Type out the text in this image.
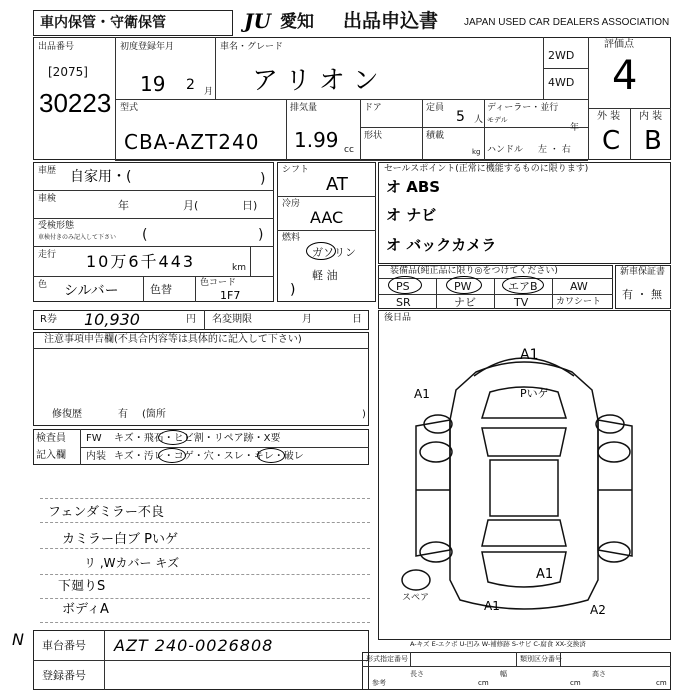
車内保管・守衛保管	JU 愛知 出品申込書	JAPAN USED CAR DEALERS ASSOCIATION
出品番号
[2075]
30223
初度登録年月
19 2 月
車名・グレード
アリオン
2WD
4WD
評価点
4
外 装 内 装
C B
型式
CBA-AZT240
排気量
1.99 cc
ドア	定員
5 人
ディーラー・並行
モデル
年
形状	積載
kg ハンドル 左 ・ 右
車歴 自家用・(	)
車検	年	月(	日)
受検形態
車検付きのみ記入して下さい (	)
走行 10万6千443	km
色 シルバー	色替	色コード
1F7
シフト
AT
冷房
AAC
燃料
ガソリン
軽 油
)
セールスポイント(正常に機能するものに限ります)
オ ABS
オ ナビ
オ バックカメラ
装備品(純正品に限り◎をつけてください)
PS	PW	エアB	AW
SR	ナビ	TV	カワシート
新車保証書
有 ・ 無
R券 10,930	円 名変期限	月	日 後日品
注意事項申告欄(不具合内容等は具体的に記入して下さい)
修復歴	有 (箇所	)
検査員
記入欄
FW キズ・飛石・ヒビ割・リペア跡・X要
内装 キズ・汚レ・コゲ・穴・スレ・キレ・破レ
フェンダミラー不良
カミラー白ブ Pいゲ
リ ,Wカバー キズ
下廻りS
ボディA
N 車台番号 AZT 240-0026808
登録番号
A1
A1	Pいゲ
A1
A1	A2
スペア
A-キズ E-エクボ U-凹み W-補修跡 S-サビ C-腐食 XX-交換済
形式指定番号	類別区分番号
長さ
cm
幅
cm
高さ
cm
参考
